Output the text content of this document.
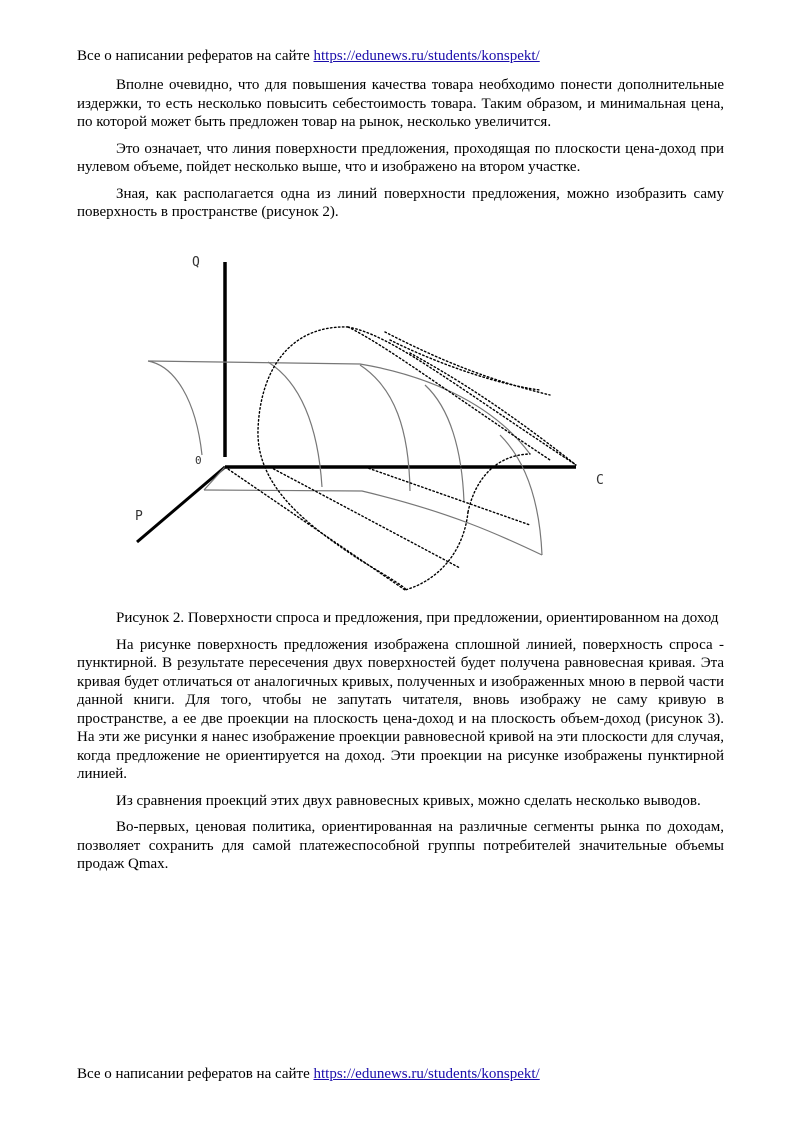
Все о написании рефератов на сайте https://edunews.ru/students/konspekt/

Вполне очевидно, что для повышения качества товара необходимо понести дополнительные издержки, то есть несколько повысить себестоимость товара. Таким образом, и минимальная цена, по которой может быть предложен товар на рынок, несколько увеличится.

Это означает, что линия поверхности предложения, проходящая по плоскости цена-доход при нулевом объеме, пойдет несколько выше, что и изображено на втором участке.

Зная, как располагается одна из линий поверхности предложения, можно изобразить саму поверхность в пространстве (рисунок 2).

Q
C
P
0

Рисунок 2. Поверхности спроса и предложения, при предложении, ориентированном на доход

На рисунке поверхность предложения изображена сплошной линией, поверхность спроса - пунктирной. В результате пересечения двух поверхностей будет получена равновесная кривая. Эта кривая будет отличаться от аналогичных кривых, полученных и изображенных мною в первой части данной книги. Для того, чтобы не запутать читателя, вновь изображу не саму кривую в пространстве, а ее две проекции на плоскость цена-доход и на плоскость объем-доход (рисунок 3). На эти же рисунки я нанес изображение проекции равновесной кривой на эти плоскости для случая, когда предложение не ориентируется на доход. Эти проекции на рисунке изображены пунктирной линией.

Из сравнения проекций этих двух равновесных кривых, можно сделать несколько выводов.

Во-первых, ценовая политика, ориентированная на различные сегменты рынка по доходам, позволяет сохранить для самой платежеспособной группы потребителей значительные объемы продаж Qmax.

Все о написании рефератов на сайте https://edunews.ru/students/konspekt/
